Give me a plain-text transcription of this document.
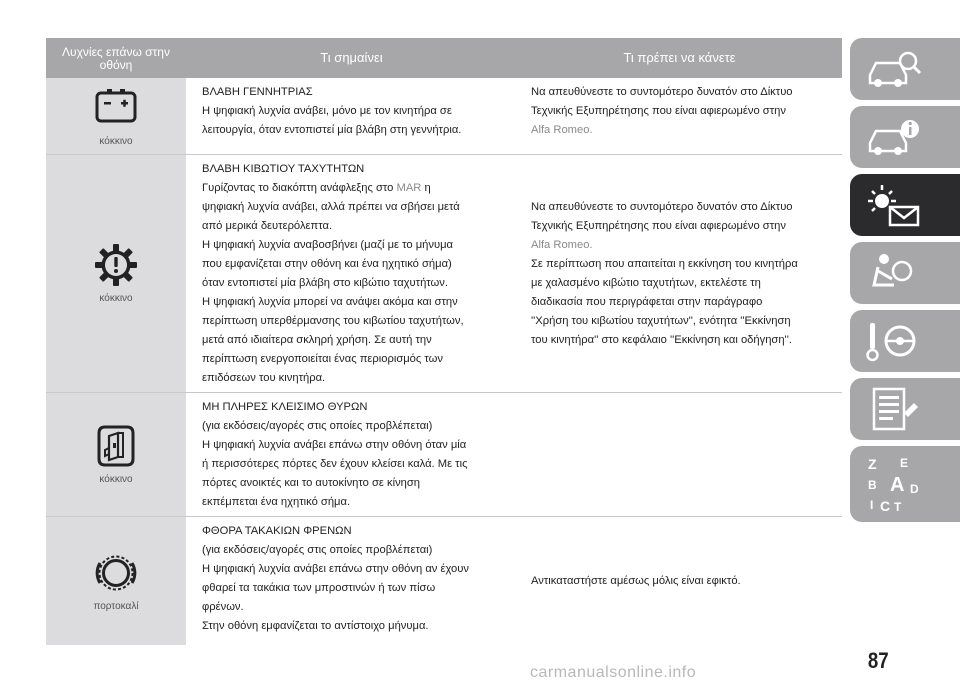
Λυχνίες επάνω στην
οθόνη	Τι σημαίνει	Τι πρέπει να κάνετε
κόκκινο
ΒΛΑΒΗ ΓΕΝΝΗΤΡΙΑΣ
Η ψηφιακή λυχνία ανάβει, μόνο με τον κινητήρα σε
λειτουργία, όταν εντοπιστεί μία βλάβη στη γεννήτρια.
Να απευθύνεστε το συντομότερο δυνατόν στο Δίκτυο
Τεχνικής Εξυπηρέτησης που είναι αφιερωμένο στην
Alfa Romeo.
κόκκινο
ΒΛΑΒΗ ΚΙΒΩΤΙΟΥ ΤΑΧΥΤΗΤΩΝ
Γυρίζοντας το διακόπτη ανάφλεξης στο MAR η
ψηφιακή λυχνία ανάβει, αλλά πρέπει να σβήσει μετά
από μερικά δευτερόλεπτα.
Η ψηφιακή λυχνία αναβοσβήνει (μαζί με το μήνυμα
που εμφανίζεται στην οθόνη και ένα ηχητικό σήμα)
όταν εντοπιστεί μία βλάβη στο κιβώτιο ταχυτήτων.
Η ψηφιακή λυχνία μπορεί να ανάψει ακόμα και στην
περίπτωση υπερθέρμανσης του κιβωτίου ταχυτήτων,
μετά από ιδιαίτερα σκληρή χρήση. Σε αυτή την
περίπτωση ενεργοποιείται ένας περιορισμός των
επιδόσεων του κινητήρα.
Να απευθύνεστε το συντομότερο δυνατόν στο Δίκτυο
Τεχνικής Εξυπηρέτησης που είναι αφιερωμένο στην
Alfa Romeo.
Σε περίπτωση που απαιτείται η εκκίνηση του κινητήρα
με χαλασμένο κιβώτιο ταχυτήτων, εκτελέστε τη
διαδικασία που περιγράφεται στην παράγραφο
''Χρήση του κιβωτίου ταχυτήτων'', ενότητα ''Εκκίνηση
του κινητήρα'' στο κεφάλαιο ''Εκκίνηση και οδήγηση''.
κόκκινο
ΜΗ ΠΛΗΡΕΣ ΚΛΕΙΣΙΜΟ ΘΥΡΩΝ
(για εκδόσεις/αγορές στις οποίες προβλέπεται)
Η ψηφιακή λυχνία ανάβει επάνω στην οθόνη όταν μία
ή περισσότερες πόρτες δεν έχουν κλείσει καλά. Με τις
πόρτες ανοικτές και το αυτοκίνητο σε κίνηση
εκπέμπεται ένα ηχητικό σήμα.
πορτοκαλί
ΦΘΟΡΑ ΤΑΚΑΚΙΩΝ ΦΡΕΝΩΝ
(για εκδόσεις/αγορές στις οποίες προβλέπεται)
Η ψηφιακή λυχνία ανάβει επάνω στην οθόνη αν έχουν
φθαρεί τα τακάκια των μπροστινών ή των πίσω
φρένων.
Στην οθόνη εμφανίζεται το αντίστοιχο μήνυμα.
Αντικαταστήστε αμέσως μόλις είναι εφικτό.
Z E
B A D
I C T
87
carmanualsonline.info
